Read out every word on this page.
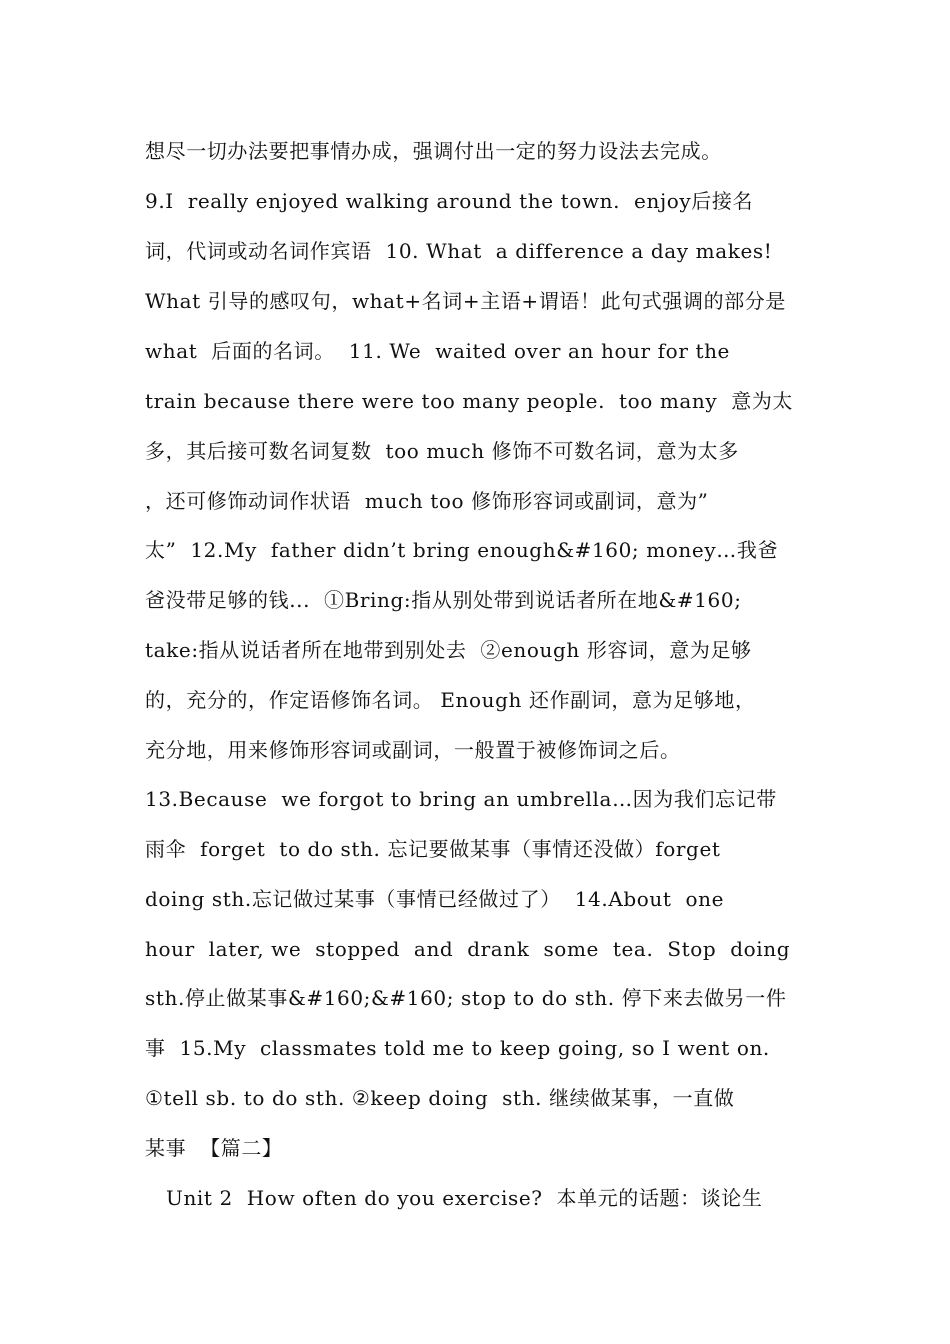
想尽一切办法要把事情办成，强调付出一定的努力设法去完成。
9.I  really enjoyed walking around the town.  enjoy后接名
词，代词或动名词作宾语  10. What  a difference a day makes!
What 引导的感叹句，what+名词+主语+谓语！此句式强调的部分是
what  后面的名词。  11. We  waited over an hour for the
train because there were too many people.  too many  意为太
多，其后接可数名词复数  too much 修饰不可数名词，意为太多
，还可修饰动词作状语  much too 修饰形容词或副词，意为”
太”  12.My  father didn’t bring enough&#160; money…我爸
爸没带足够的钱...  ①Bring:指从别处带到说话者所在地&#160;
take:指从说话者所在地带到别处去  ②enough 形容词，意为足够
的，充分的，作定语修饰名词。 Enough 还作副词，意为足够地，
充分地，用来修饰形容词或副词，一般置于被修饰词之后。
13.Because  we forgot to bring an umbrella…因为我们忘记带
雨伞  forget  to do sth. 忘记要做某事（事情还没做）forget
doing sth.忘记做过某事（事情已经做过了）  14.About  one
hour  later, we  stopped  and  drank  some  tea.  Stop  doing
sth.停止做某事&#160;&#160; stop to do sth. 停下来去做另一件
事  15.My  classmates told me to keep going, so I went on.
①tell sb. to do sth. ②keep doing  sth. 继续做某事，一直做
某事  【篇二】
Unit 2  How often do you exercise?  本单元的话题：谈论生
